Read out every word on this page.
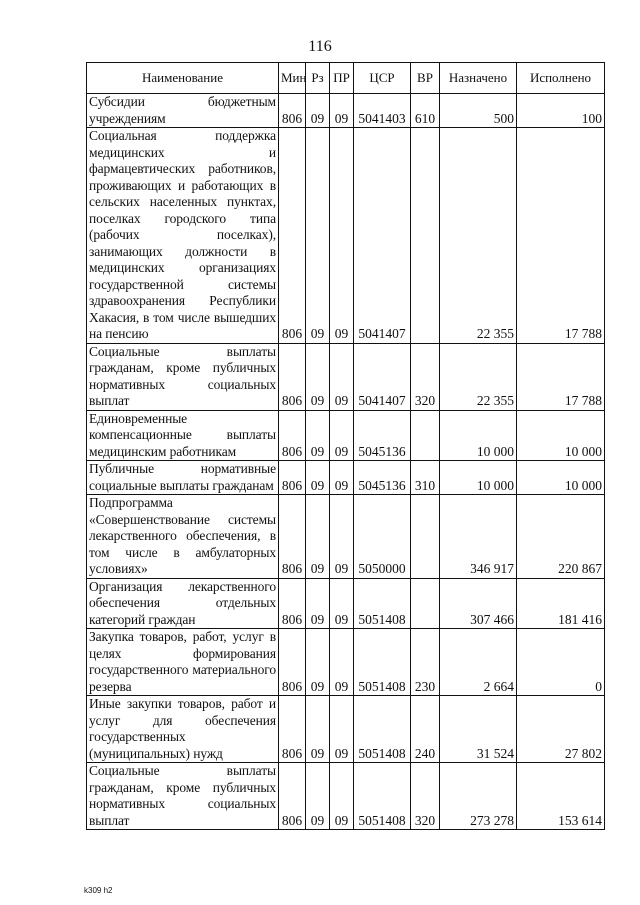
116
Наименование	Мин	Рз	ПР	ЦСР	ВР	Назначено	Исполнено
Субсидии бюджетным учреждениям	806	09	09	5041403	610	500	100
Социальная поддержка медицинских и фармацевтических работников, проживающих и работающих в сельских населенных пунктах, поселках городского типа (рабочих поселках), занимающих должности в медицинских организациях государственной системы здравоохранения Республики Хакасия, в том числе вышедших на пенсию	806	09	09	5041407		22 355	17 788
Социальные выплаты гражданам, кроме публичных нормативных социальных выплат	806	09	09	5041407	320	22 355	17 788
Единовременные компенсационные выплаты медицинским работникам	806	09	09	5045136		10 000	10 000
Публичные нормативные социальные выплаты гражданам	806	09	09	5045136	310	10 000	10 000
Подпрограмма «Совершенствование системы лекарственного обеспечения, в том числе в амбулаторных условиях»	806	09	09	5050000		346 917	220 867
Организация лекарственного обеспечения отдельных категорий граждан	806	09	09	5051408		307 466	181 416
Закупка товаров, работ, услуг в целях формирования государственного материального резерва	806	09	09	5051408	230	2 664	0
Иные закупки товаров, работ и услуг для обеспечения государственных (муниципальных) нужд	806	09	09	5051408	240	31 524	27 802
Социальные выплаты гражданам, кроме публичных нормативных социальных выплат	806	09	09	5051408	320	273 278	153 614
k309 h2
